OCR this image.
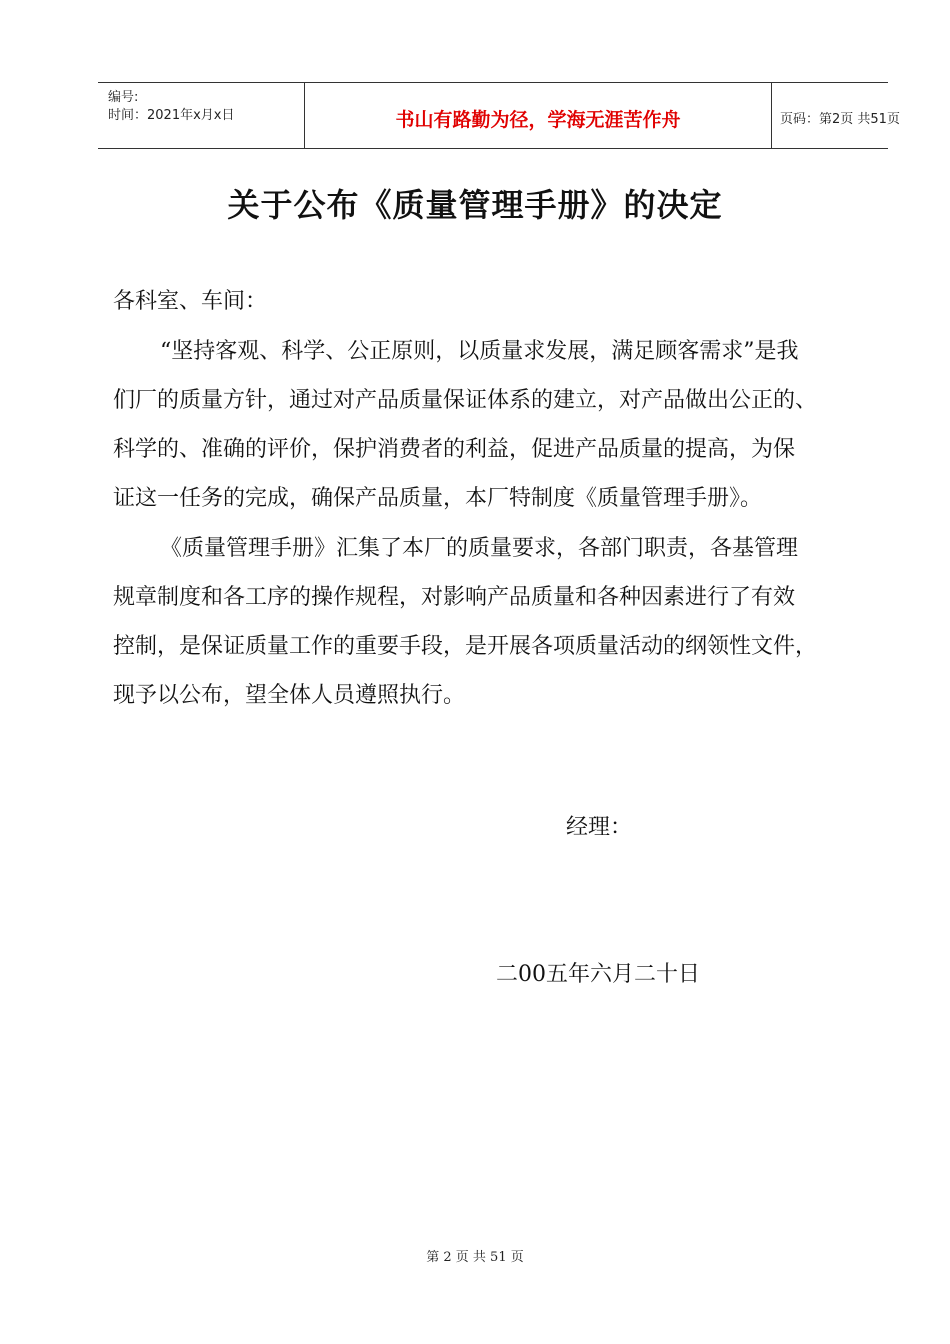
编号:
时间：2021年x月x日	书山有路勤为径，学海无涯苦作舟	页码：第2页 共51页
关于公布《质量管理手册》的决定
各科室、车间：
“坚持客观、科学、公正原则，以质量求发展，满足顾客需求”是我
们厂的质量方针，通过对产品质量保证体系的建立，对产品做出公正的、
科学的、准确的评价，保护消费者的利益，促进产品质量的提高，为保
证这一任务的完成，确保产品质量，本厂特制度《质量管理手册》。
《质量管理手册》汇集了本厂的质量要求，各部门职责，各基管理
规章制度和各工序的操作规程，对影响产品质量和各种因素进行了有效
控制，是保证质量工作的重要手段，是开展各项质量活动的纲领性文件，
现予以公布，望全体人员遵照执行。
经理：
二00五年六月二十日
第 2 页 共 51 页
